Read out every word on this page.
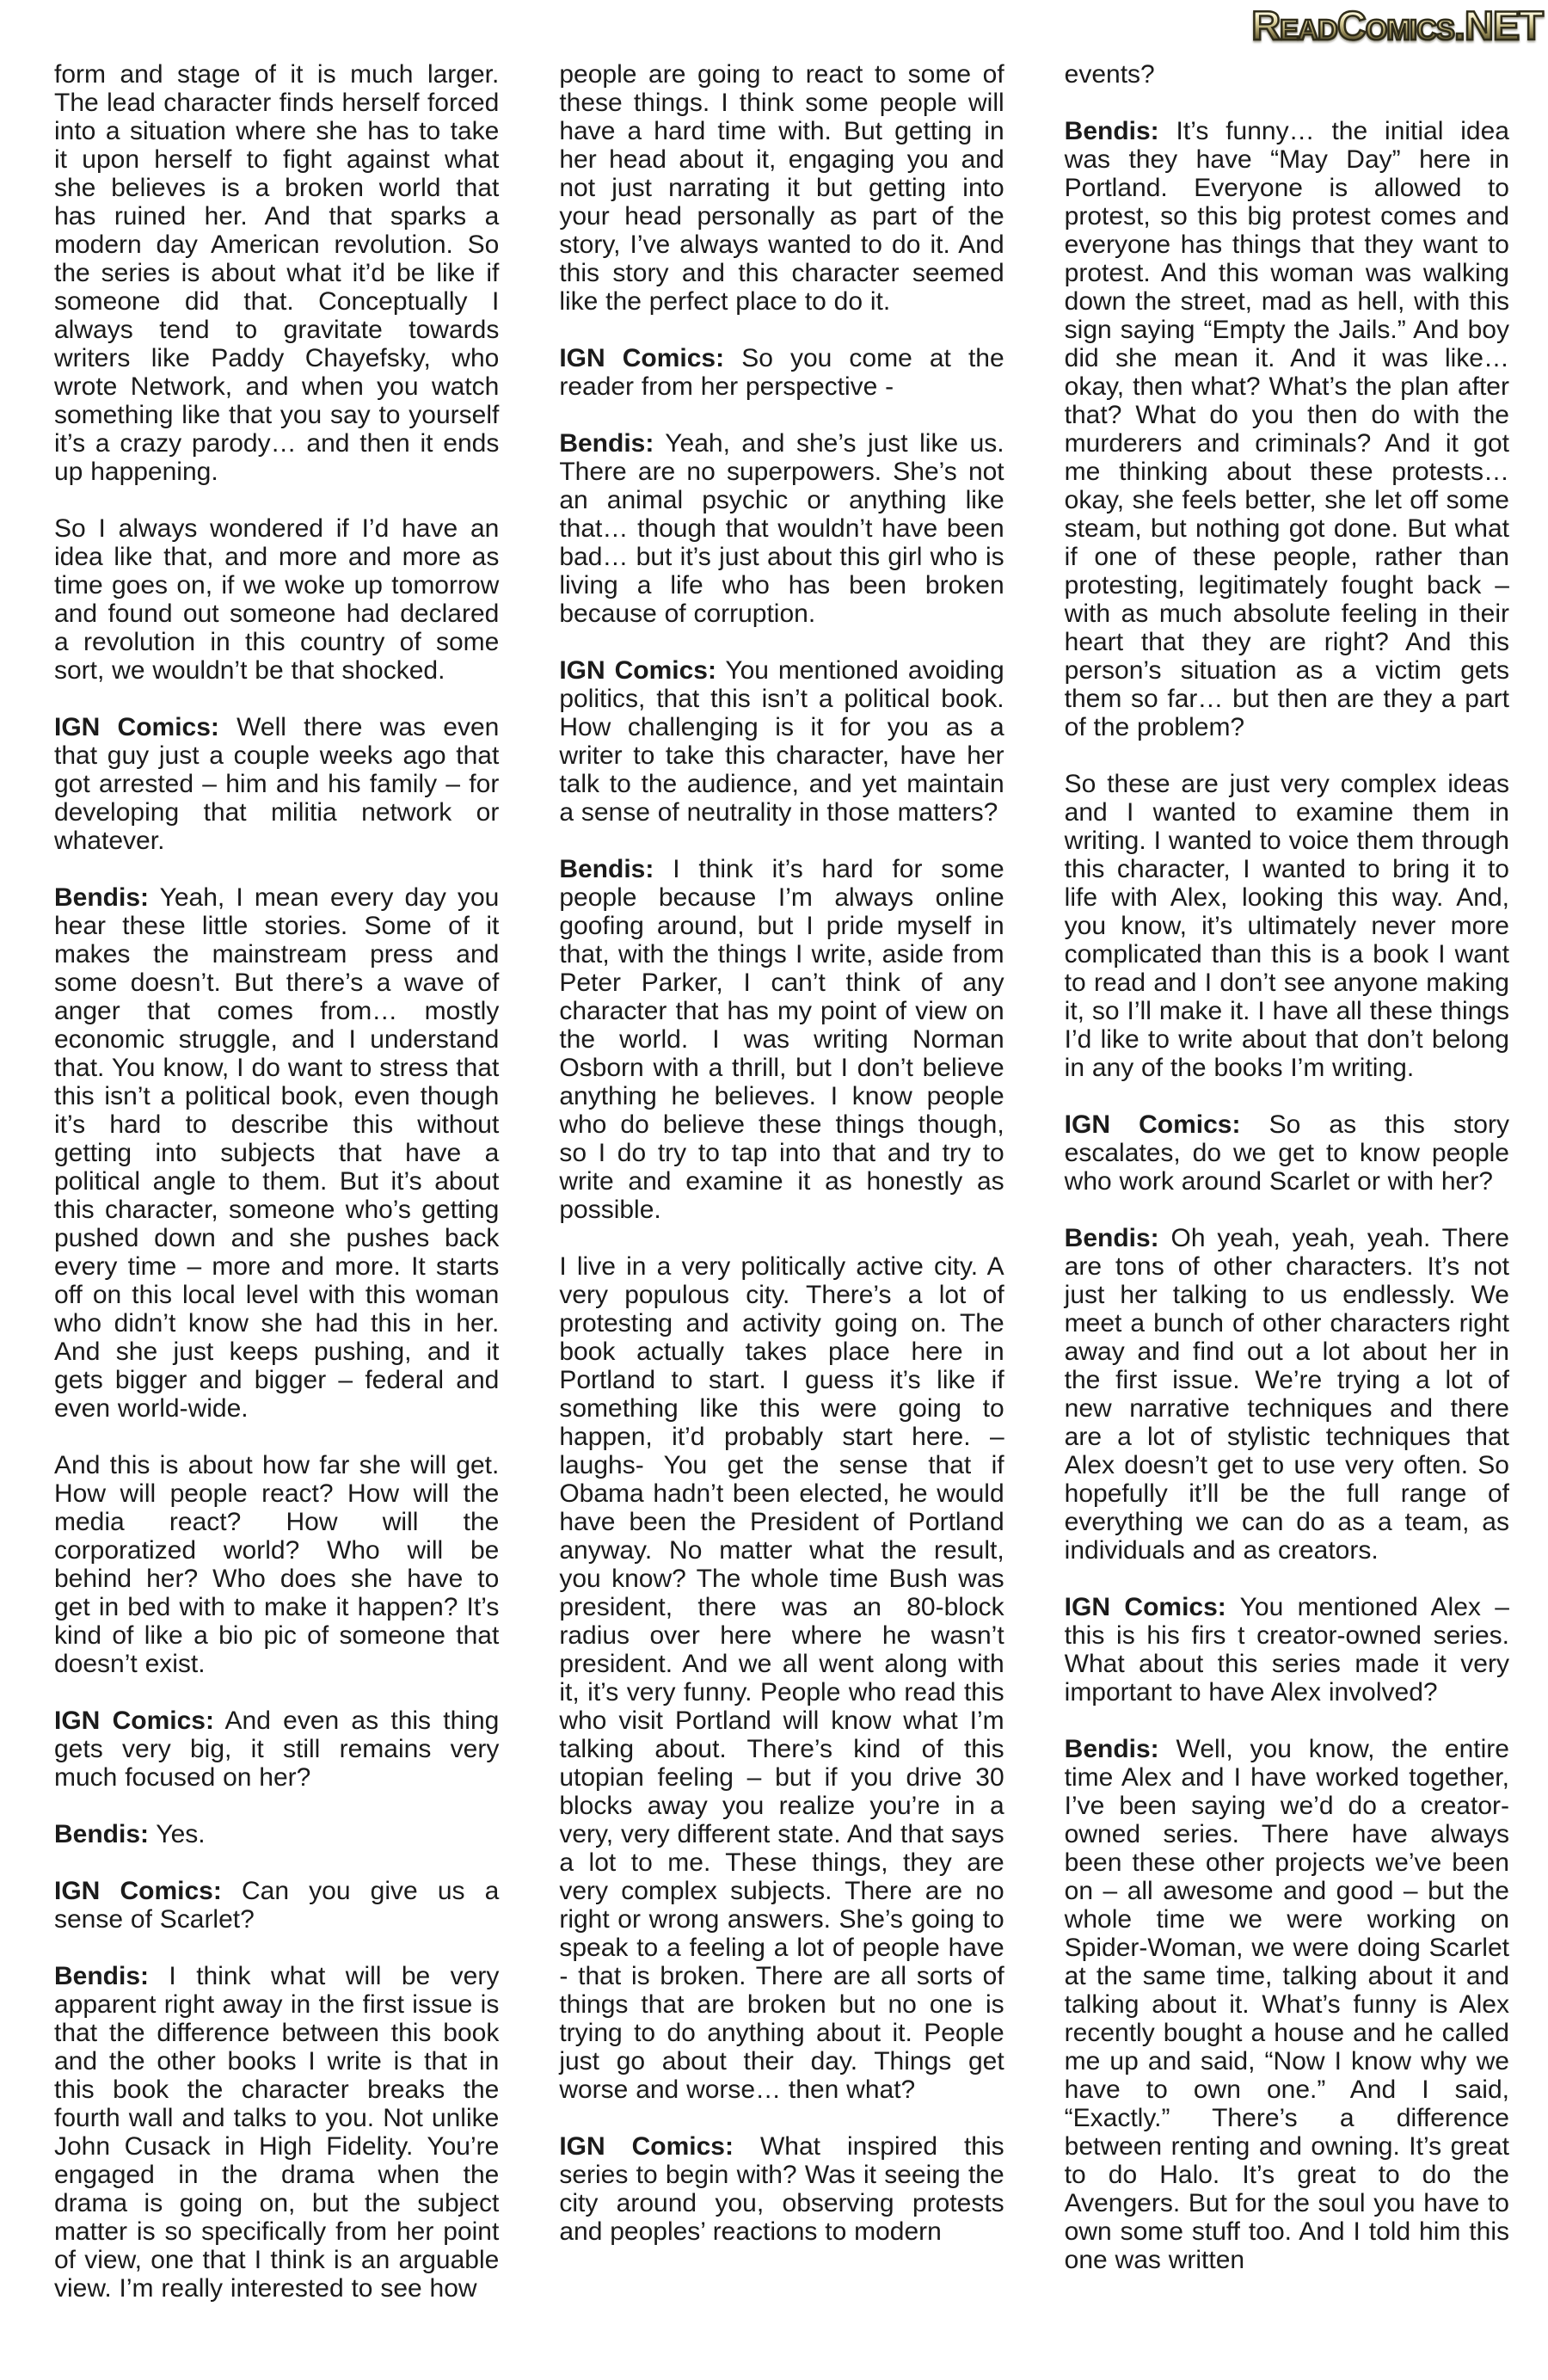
ReadComics.NET

form and stage of it is much larger. The lead character finds herself forced into a situation where she has to take it upon herself to fight against what she believes is a broken world that has ruined her. And that sparks a modern day American revolution. So the series is about what it’d be like if someone did that. Conceptually I always tend to gravitate towards writers like Paddy Chayefsky, who wrote Network, and when you watch something like that you say to yourself it’s a crazy parody… and then it ends up happening.

So I always wondered if I’d have an idea like that, and more and more as time goes on, if we woke up tomorrow and found out someone had declared a revolution in this country of some sort, we wouldn’t be that shocked.

IGN Comics: Well there was even that guy just a couple weeks ago that got arrested – him and his family – for developing that militia network or whatever.

Bendis: Yeah, I mean every day you hear these little stories. Some of it makes the mainstream press and some doesn’t. But there’s a wave of anger that comes from… mostly economic struggle, and I understand that. You know, I do want to stress that this isn’t a political book, even though it’s hard to describe this without getting into subjects that have a political angle to them. But it’s about this character, someone who’s getting pushed down and she pushes back every time – more and more. It starts off on this local level with this woman who didn’t know she had this in her. And she just keeps pushing, and it gets bigger and bigger – federal and even world-wide.

And this is about how far she will get. How will people react? How will the media react? How will the corporatized world? Who will be behind her? Who does she have to get in bed with to make it happen? It’s kind of like a bio pic of someone that doesn’t exist.

IGN Comics: And even as this thing gets very big, it still remains very much focused on her?

Bendis: Yes.

IGN Comics: Can you give us a sense of Scarlet?

Bendis: I think what will be very apparent right away in the first issue is that the difference between this book and the other books I write is that in this book the character breaks the fourth wall and talks to you. Not unlike John Cusack in High Fidelity. You’re engaged in the drama when the drama is going on, but the subject matter is so specifically from her point of view, one that I think is an arguable view. I’m really interested to see how

people are going to react to some of these things. I think some people will have a hard time with. But getting in her head about it, engaging you and not just narrating it but getting into your head personally as part of the story, I’ve always wanted to do it. And this story and this character seemed like the perfect place to do it.

IGN Comics: So you come at the reader from her perspective -

Bendis: Yeah, and she’s just like us. There are no superpowers. She’s not an animal psychic or anything like that… though that wouldn’t have been bad… but it’s just about this girl who is living a life who has been broken because of corruption.

IGN Comics: You mentioned avoiding politics, that this isn’t a political book. How challenging is it for you as a writer to take this character, have her talk to the audience, and yet maintain a sense of neutrality in those matters?

Bendis: I think it’s hard for some people because I’m always online goofing around, but I pride myself in that, with the things I write, aside from Peter Parker, I can’t think of any character that has my point of view on the world. I was writing Norman Osborn with a thrill, but I don’t believe anything he believes. I know people who do believe these things though, so I do try to tap into that and try to write and examine it as honestly as possible.

I live in a very politically active city. A very populous city. There’s a lot of protesting and activity going on. The book actually takes place here in Portland to start. I guess it’s like if something like this were going to happen, it’d probably start here. –laughs- You get the sense that if Obama hadn’t been elected, he would have been the President of Portland anyway. No matter what the result, you know? The whole time Bush was president, there was an 80-block radius over here where he wasn’t president. And we all went along with it, it’s very funny. People who read this who visit Portland will know what I’m talking about. There’s kind of this utopian feeling – but if you drive 30 blocks away you realize you’re in a very, very different state. And that says a lot to me. These things, they are very complex subjects. There are no right or wrong answers. She’s going to speak to a feeling a lot of people have - that is broken. There are all sorts of things that are broken but no one is trying to do anything about it. People just go about their day. Things get worse and worse… then what?

IGN Comics: What inspired this series to begin with? Was it seeing the city around you, observing protests and peoples’ reactions to modern

events?

Bendis: It’s funny… the initial idea was they have “May Day” here in Portland. Everyone is allowed to protest, so this big protest comes and everyone has things that they want to protest. And this woman was walking down the street, mad as hell, with this sign saying “Empty the Jails.” And boy did she mean it. And it was like… okay, then what? What’s the plan after that? What do you then do with the murderers and criminals? And it got me thinking about these protests… okay, she feels better, she let off some steam, but nothing got done. But what if one of these people, rather than protesting, legitimately fought back – with as much absolute feeling in their heart that they are right? And this person’s situation as a victim gets them so far… but then are they a part of the problem?

So these are just very complex ideas and I wanted to examine them in writing. I wanted to voice them through this character, I wanted to bring it to life with Alex, looking this way. And, you know, it’s ultimately never more complicated than this is a book I want to read and I don’t see anyone making it, so I’ll make it. I have all these things I’d like to write about that don’t belong in any of the books I’m writing.

IGN Comics: So as this story escalates, do we get to know people who work around Scarlet or with her?

Bendis: Oh yeah, yeah, yeah. There are tons of other characters. It’s not just her talking to us endlessly. We meet a bunch of other characters right away and find out a lot about her in the first issue. We’re trying a lot of new narrative techniques and there are a lot of stylistic techniques that Alex doesn’t get to use very often. So hopefully it’ll be the full range of everything we can do as a team, as individuals and as creators.

IGN Comics: You mentioned Alex – this is his firs t creator-owned series. What about this series made it very important to have Alex involved?

Bendis: Well, you know, the entire time Alex and I have worked together, I’ve been saying we’d do a creator-owned series. There have always been these other projects we’ve been on – all awesome and good – but the whole time we were working on Spider-Woman, we were doing Scarlet at the same time, talking about it and talking about it. What’s funny is Alex recently bought a house and he called me up and said, “Now I know why we have to own one.” And I said, “Exactly.” There’s a difference between renting and owning. It’s great to do Halo. It’s great to do the Avengers. But for the soul you have to own some stuff too. And I told him this one was written
